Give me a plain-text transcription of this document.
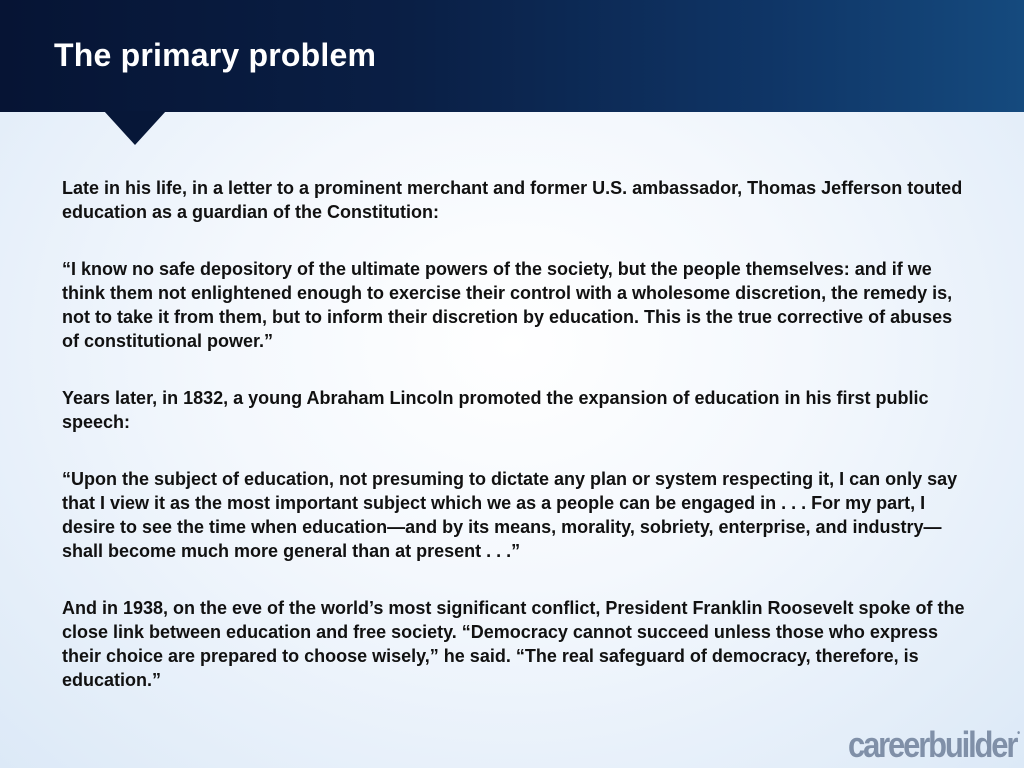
The primary problem

Late in his life, in a letter to a prominent merchant and former U.S. ambassador, Thomas Jefferson touted education as a guardian of the Constitution:

“I know no safe depository of the ultimate powers of the society, but the people themselves: and if we think them not enlightened enough to exercise their control with a wholesome discretion, the remedy is, not to take it from them, but to inform their discretion by education. This is the true corrective of abuses of constitutional power.”

Years later, in 1832, a young Abraham Lincoln promoted the expansion of education in his first public speech:

“Upon the subject of education, not presuming to dictate any plan or system respecting it, I can only say that I view it as the most important subject which we as a people can be engaged in . . . For my part, I desire to see the time when education—and by its means, morality, sobriety, enterprise, and industry—shall become much more general than at present . . .”

And in 1938, on the eve of the world’s most significant conflict, President Franklin Roosevelt spoke of the close link between education and free society. “Democracy cannot succeed unless those who express their choice are prepared to choose wisely,” he said. “The real safeguard of democracy, therefore, is education.”

careerbuilder•
